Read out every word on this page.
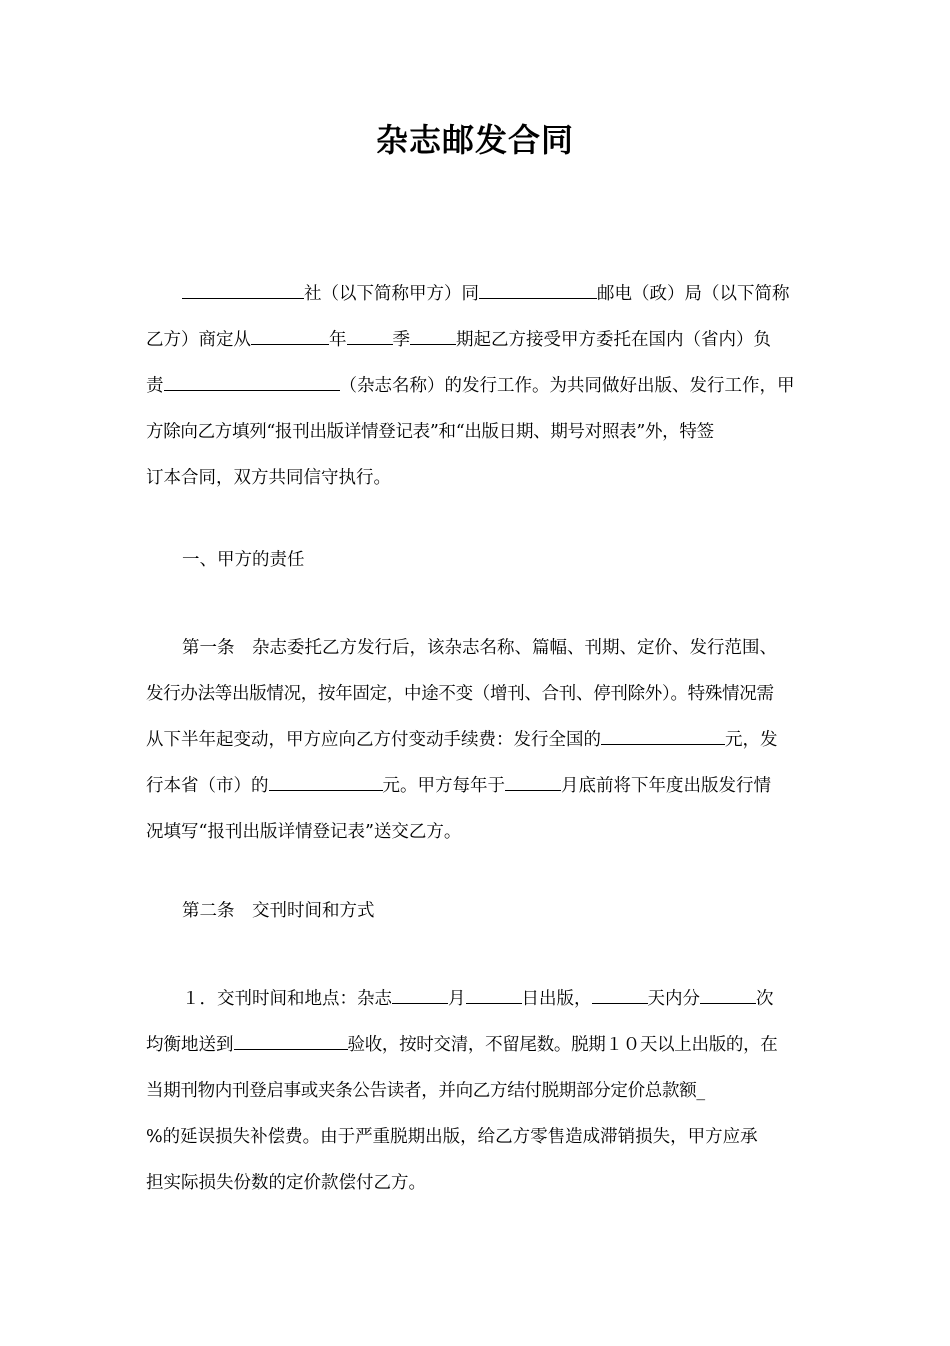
杂志邮发合同

社（以下简称甲方）同	邮电（政）局（以下简称
乙方）商定从	年	季	期起乙方接受甲方委托在国内（省内）负
责	（杂志名称）的发行工作。为共同做好出版、发行工作，甲
方除向乙方填列“报刊出版详情登记表”和“出版日期、期号对照表”外，特签
订本合同，双方共同信守执行。

一、甲方的责任

第一条　杂志委托乙方发行后，该杂志名称、篇幅、刊期、定价、发行范围、
发行办法等出版情况，按年固定，中途不变（增刊、合刊、停刊除外）。特殊情况需
从下半年起变动，甲方应向乙方付变动手续费：发行全国的	元，发
行本省（市）的	元。甲方每年于	月底前将下年度出版发行情
况填写“报刊出版详情登记表”送交乙方。

第二条　交刊时间和方式

１．交刊时间和地点：杂志	月	日出版，	天内分	次
均衡地送到	验收，按时交清，不留尾数。脱期１０天以上出版的，在
当期刊物内刊登启事或夹条公告读者，并向乙方结付脱期部分定价总款额_
%的延误损失补偿费。由于严重脱期出版，给乙方零售造成滞销损失，甲方应承
担实际损失份数的定价款偿付乙方。
